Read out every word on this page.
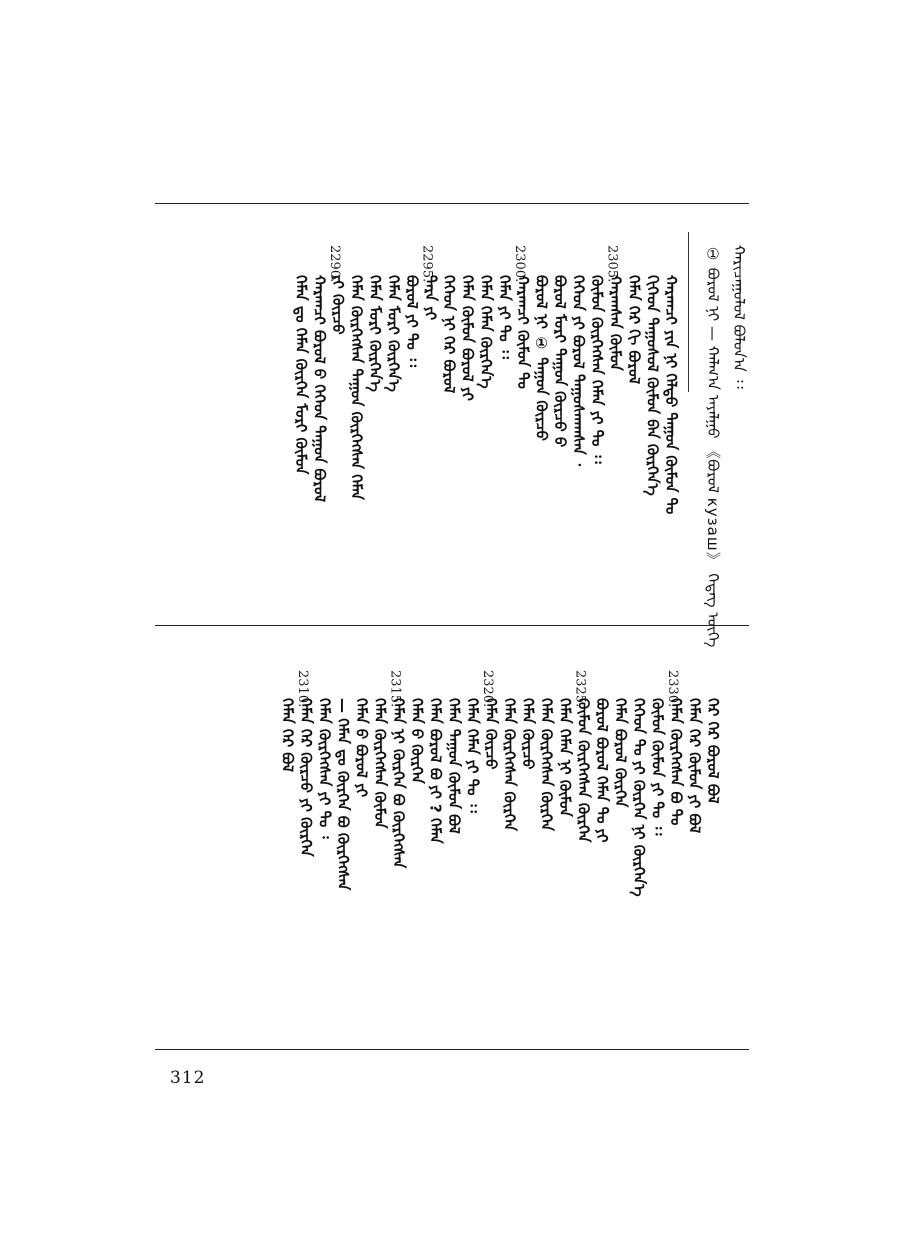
ᠬᠠᠷᠢᠴᠠᠭᠤᠯᠤᠯ ᠪᠣᠯᠤᠨ᠎ᠠ ᠄᠄
① ᠪᠣᠷᠤᠯ ᠨᠢ — ᠬᠠᠯᠬ᠎ᠠ ᠠᠶᠠᠯᠭᠤ 《ᠪᠣᠷᠤᠯ кузаш》 ᠭᠡᠳᠡᠭ ᠦᠭᠡ
ᠬᠠᠷᠠᠭᠴᠢ ᠶᠢᠨ ᠨᠢ ᠬᠡᠯᠲᠦ ᠳᠠᠭᠤᠨ ᠬᠦᠮᠦᠨ ᠲᠤ
ᠬᠢᠭᠡᠳ ᠳᠠᠭᠤᠰᠤᠯ ᠬᠦᠮᠦᠨ ᠪᠠᠨ ᠬᠦᠷᠭᠡᠨ᠎ᠡ
ᠬᠡᠮᠡᠨ ᠭᠡᠷ ᠬᠢ ᠪᠣᠷᠤᠯ
2305.
ᠬᠠᠷᠠᠭᠰᠠᠨ ᠬᠦᠮᠦᠨ
ᠬᠦᠮᠦᠨ ᠬᠦᠷᠭᠡᠭᠰᠡᠨ ᠬᠡᠮᠡᠨ ᠶᠢ ᠲᠤ ᠄᠄
ᠬᠡᠭᠡᠳ ᠶᠢ ᠪᠣᠷᠤᠯ ᠳᠠᠭᠤᠰᠭᠠᠭᠰᠠᠨ ᠂
ᠪᠣᠷᠤᠯ ᠮᠣᠷᠢ ᠳᠠᠭᠤᠨ ᠬᠦᠷᠴᠦ ᠪ
ᠪᠣᠷᠤᠯ ᠨᠢ ① ᠳᠠᠭᠤᠨ ᠬᠦᠷᠴᠦ
2300.
ᠬᠠᠷᠠᠭᠴᠢ ᠬᠦᠮᠦᠨ ᠲᠤ
ᠬᠡᠮᠡᠨ ᠶᠢ ᠲᠤ ᠄᠄
ᠬᠡᠮᠡᠨ ᠬᠡᠮᠡᠨ ᠬᠦᠷᠭᠡᠨ᠎ᠡ
ᠬᠡᠮᠡᠨ ᠬᠦᠮᠦᠨ ᠪᠣᠷᠤᠯ ᠶᠢ
ᠬᠡᠭᠡᠳ ᠨᠢ ᠭᠡᠷ ᠪᠣᠷᠤᠯ
2295.
ᠲᠡᠷᠡ ᠶᠢ
ᠪᠣᠷᠤᠯ ᠶᠢ ᠲᠤ ᠄᠄
ᠬᠡᠮᠡᠨ ᠮᠣᠷᠢ ᠬᠦᠷᠭᠡᠨ᠎ᠡ
ᠬᠡᠮᠡᠨ ᠮᠣᠷᠢ ᠬᠦᠷᠭᠡᠨ᠎ᠡ
ᠬᠡᠮᠡᠨ ᠬᠦᠷᠭᠡᠭᠰᠡᠨ ᠳᠠᠭᠤᠨ ᠬᠦᠷᠭᠡᠭᠰᠡᠨ ᠬᠡᠮᠡᠨ
2290.
ᠶᠢ ᠬᠦᠷᠴᠦ
ᠬᠠᠷᠠᠭᠴᠢ ᠪᠣᠷᠤᠯ ᠪ ᠬᠡᠭᠡᠳ ᠳᠠᠭᠤᠨ ᠪᠣᠷᠤᠯ
ᠬᠡᠮᠡᠨ ᠳᠤ ᠬᠡᠮᠡᠨ ᠬᠦᠷᠭᠡᠨ ᠮᠣᠷᠢ ᠬᠦᠮᠦᠨ
ᠬᠡᠷ ᠭᠡᠷ ᠪᠣᠷᠤᠯ ᠪᠣᠯ
ᠬᠡᠮᠡᠨ ᠭᠡᠷ ᠬᠦᠮᠦᠨ ᠶᠢ ᠪᠣᠯ
2330.
ᠬᠡᠮᠡᠨ ᠬᠦᠷᠭᠡᠭᠰᠡᠨ ᠪᠣ ᠲᠤ
ᠬᠦᠮᠦᠨ ᠬᠦᠮᠦᠨ ᠶᠢ ᠲᠤ ᠄᠄
ᠬᠡᠭᠡᠳ ᠲᠤ ᠶᠢ ᠬᠦᠷᠭᠡᠨ ᠨᠢ ᠬᠦᠷᠭᠡᠨ᠎ᠡ
ᠬᠡᠮᠡᠨ ᠪᠣᠷᠤᠯ ᠬᠦᠷᠭᠡᠨ
ᠪᠣᠷᠤᠯ ᠪᠣᠷᠤᠯ ᠬᠡᠮᠡᠨ ᠲᠤ ᠶᠢ
2325.
ᠬᠦᠮᠦᠨ ᠬᠦᠷᠭᠡᠭᠰᠡᠨ ᠬᠦᠷᠭᠡᠨ
ᠬᠡᠮᠡᠨ ᠬᠡᠮᠡᠨ ᠨᠢ ᠬᠦᠮᠦᠨ
ᠬᠡᠮᠡᠨ ᠬᠦᠷᠭᠡᠭᠰᠡᠨ ᠬᠦᠷᠭᠡᠨ
ᠬᠡᠮᠡᠨ ᠬᠦᠷᠴᠦ
ᠬᠡᠮᠡᠨ ᠬᠦᠷᠭᠡᠭᠰᠡᠨ ᠬᠦᠷᠭᠡᠨ
2320.
ᠬᠡᠮᠡᠨ ᠬᠦᠷᠴᠦ
ᠬᠡᠮᠡᠨ ᠬᠡᠮᠡᠨ ᠶᠢ ᠲᠤ ᠄᠄
ᠬᠡᠮᠡᠨ ᠳᠠᠭᠤᠨ ᠬᠦᠮᠦᠨ ᠪᠣᠯ
ᠬᠡᠮᠡᠨ ᠪᠣᠷᠤᠯ ᠪᠣ ᠶᠢ ? ᠬᠡᠮᠡᠨ
ᠬᠡᠮᠡᠨ ᠪ ᠬᠦᠷᠭᠡᠨ
2315.
ᠬᠡᠮᠡᠨ ᠨᠢ ᠬᠦᠷᠭᠡᠨ ᠪᠣ ᠬᠦᠷᠭᠡᠭᠰᠡᠨ
ᠬᠡᠮᠡᠨ ᠬᠦᠷᠭᠡᠭᠰᠡᠨ ᠬᠦᠮᠦᠨ
ᠬᠡᠮᠡᠨ ᠪ ᠪᠣᠷᠤᠯ ᠶᠢ
— ᠬᠡᠮᠡᠨ ᠳᠤ ᠬᠦᠷᠭᠡᠨ ᠪᠣ ᠬᠦᠷᠭᠡᠭᠰᠡᠨ
ᠬᠡᠮᠡᠨ ᠬᠦᠷᠭᠡᠭᠰᠡᠨ ᠶᠢ ᠲᠤ ᠄
2310.
ᠬᠡᠮᠡᠨ ᠭᠡᠷ ᠬᠦᠷᠴᠦ ᠶᠢ ᠬᠦᠷᠭᠡᠨ
ᠬᠡᠮᠡᠨ ᠭᠡᠷ ᠪᠣᠯ
312
